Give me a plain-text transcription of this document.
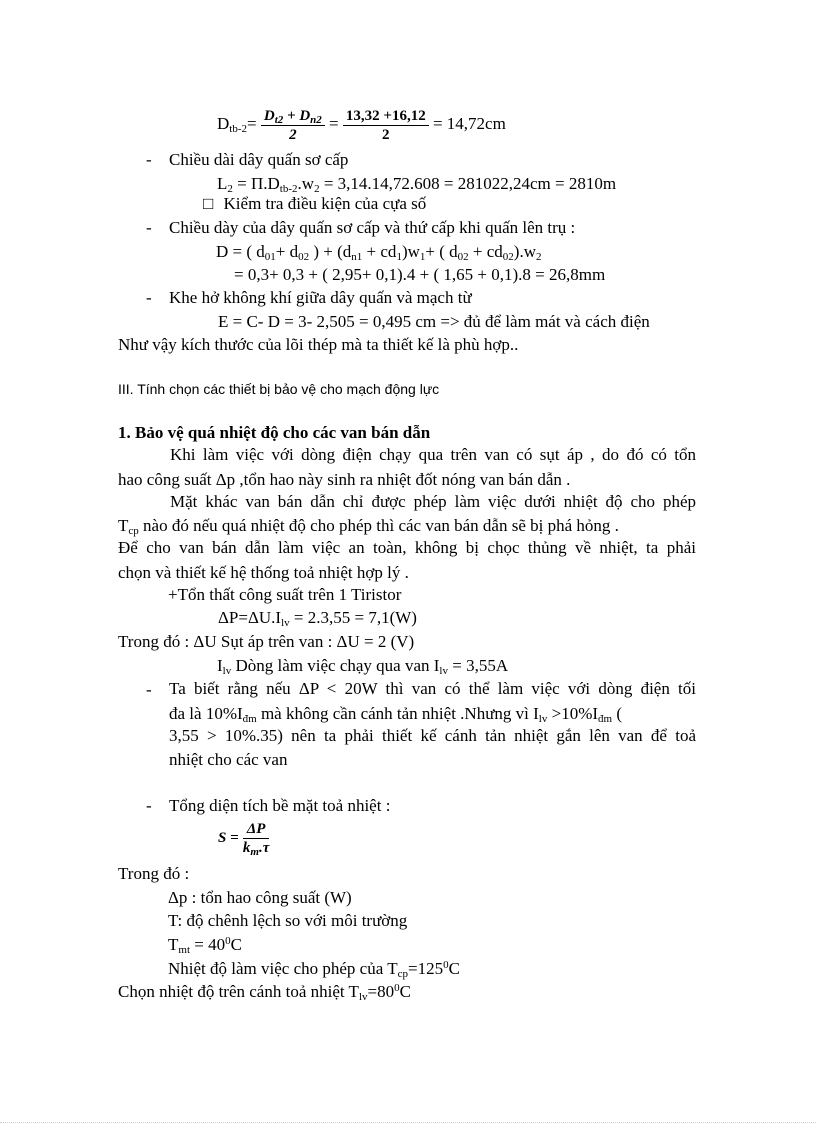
$D_{tb-2}= \frac{D_{t2} + D_{n2}}{2} = \frac{13,32 +16,12}{2} = 14,72cm$
- Chiều dài dây quấn sơ cấp
$L_2 = \Pi.D_{tb-2}.w_2 = 3,14.14,72.608 = 281022,24cm = 2810m$
□ Kiểm tra điều kiện của cựa số
- Chiều dày của dây quấn sơ cấp và thứ cấp khi quấn lên trụ :
D = ( $d_{01}+ d_{02}$ ) + $(d_{n1} + cd_1)w_1+$ ( $d_{02} + cd_{02}).w_2$
= 0,3+ 0,3 + ( 2,95+ 0,1).4 + ( 1,65 + 0,1).8 = 26,8mm
- Khe hở không khí giữa dây quấn và mạch từ
E = C- D = 3- 2,505 = 0,495 cm => đủ để làm mát và cách điện
Như vậy kích thước của lõi thép mà ta thiết kế là phù hợp..
III. Tính chọn các thiết bị bảo vệ cho mạch động lực
1. Bảo vệ quá nhiệt độ cho các van bán dẫn
Khi làm việc với dòng điện chạy qua trên van có sụt áp , do đó có tổn
hao công suất Δp ,tổn hao này sinh ra nhiệt đốt nóng van bán dẫn .
Mặt khác van bán dẫn chỉ được phép làm việc dưới nhiệt độ cho phép
$T_{cp}$ nào đó nếu quá nhiệt độ cho phép thì các van bán dẫn sẽ bị phá hỏng .
Để cho van bán dẫn làm việc an toàn, không bị chọc thủng về nhiệt, ta phải
chọn và thiết kế hệ thống toả nhiệt hợp lý .
+Tổn thất công suất trên 1 Tiristor
$\Delta P=\Delta U.I_{lv} = 2.3,55 = 7,1(W)$
Trong đó : ΔU Sụt áp trên van : ΔU = 2 (V)
$I_{lv}$ Dòng làm việc chạy qua van $I_{lv} = 3,55A$
- Ta biết rằng nếu ΔP < 20W thì van có thể làm việc với dòng điện tối
đa là $10\%I_{đm}$ mà không cần cánh tản nhiệt .Nhưng vì $I_{lv} >10\%I_{đm}$ (
3,55 > 10%.35) nên ta phải thiết kế cánh tản nhiệt gắn lên van để toả
nhiệt cho các van
- Tổng diện tích bề mặt toả nhiệt :
$S = \frac{\Delta P}{k_m.\tau}$
Trong đó :
Δp : tổn hao công suất (W)
T: độ chênh lệch so với môi trường
$T_{mt} = 40^0C$
Nhiệt độ làm việc cho phép của $T_{cp}=125^0C$
Chọn nhiệt độ trên cánh toả nhiệt $T_{lv}=80^0C$
